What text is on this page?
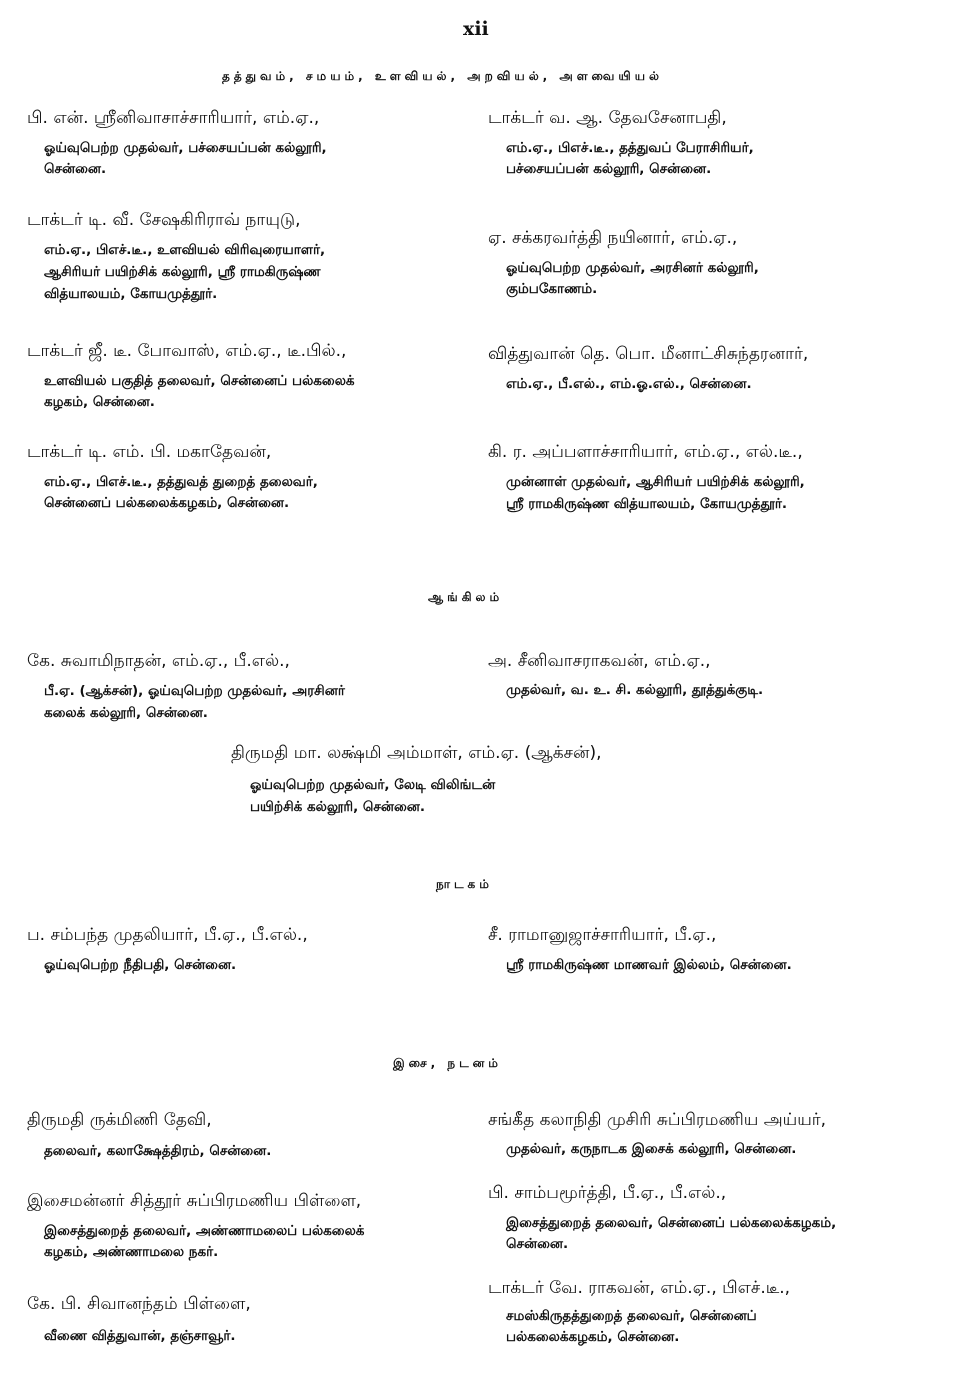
xii
தத்துவம், சமயம், உளவியல், அறவியல், அளவையியல்
பி. என். ஸ்ரீனிவாசாச்சாரியார், எம்.ஏ.,
ஓய்வுபெற்ற முதல்வர், பச்சையப்பன் கல்லூரி,
சென்னை.
டாக்டர் டி. வீ. சேஷகிரிராவ் நாயுடு,
எம்.ஏ., பிஎச்.டீ., உளவியல் விரிவுரையாளர்,
ஆசிரியர் பயிற்சிக் கல்லூரி, ஸ்ரீ ராமகிருஷ்ண
வித்யாலயம், கோயமுத்தூர்.
டாக்டர் ஜீ. டீ. போவாஸ், எம்.ஏ., டீ.பில்.,
உளவியல் பகுதித் தலைவர், சென்னைப் பல்கலைக்
கழகம், சென்னை.
டாக்டர் டி. எம். பி. மகாதேவன்,
எம்.ஏ., பிஎச்.டீ., தத்துவத் துறைத் தலைவர்,
சென்னைப் பல்கலைக்கழகம், சென்னை.
டாக்டர் வ. ஆ. தேவசேனாபதி,
எம்.ஏ., பிஎச்.டீ., தத்துவப் பேராசிரியர்,
பச்சையப்பன் கல்லூரி, சென்னை.
ஏ. சக்கரவர்த்தி நயினார், எம்.ஏ.,
ஓய்வுபெற்ற முதல்வர், அரசினர் கல்லூரி,
கும்பகோணம்.
வித்துவான் தெ. பொ. மீனாட்சிசுந்தரனார்,
எம்.ஏ., பீ.எல்., எம்.ஓ.எல்., சென்னை.
கி. ர. அப்பளாச்சாரியார், எம்.ஏ., எல்.டீ.,
முன்னாள் முதல்வர், ஆசிரியர் பயிற்சிக் கல்லூரி,
ஸ்ரீ ராமகிருஷ்ண வித்யாலயம், கோயமுத்தூர்.
ஆங்கிலம்
கே. சுவாமிநாதன், எம்.ஏ., பீ.எல்.,
பீ.ஏ. (ஆக்சன்), ஓய்வுபெற்ற முதல்வர், அரசினர்
கலைக் கல்லூரி, சென்னை.
அ. சீனிவாசராகவன், எம்.ஏ.,
முதல்வர், வ. உ. சி. கல்லூரி, தூத்துக்குடி.
திருமதி மா. லக்ஷ்மி அம்மாள், எம்.ஏ. (ஆக்சன்),
ஓய்வுபெற்ற முதல்வர், லேடி விலிங்டன்
பயிற்சிக் கல்லூரி, சென்னை.
நாடகம்
ப. சம்பந்த முதலியார், பீ.ஏ., பீ.எல்.,
ஓய்வுபெற்ற நீதிபதி, சென்னை.
சீ. ராமானுஜாச்சாரியார், பீ.ஏ.,
ஸ்ரீ ராமகிருஷ்ண மாணவர் இல்லம், சென்னை.
இசை, நடனம்
திருமதி ருக்மிணி தேவி,
தலைவர், கலாக்ஷேத்திரம், சென்னை.
இசைமன்னர் சித்தூர் சுப்பிரமணிய பிள்ளை,
இசைத்துறைத் தலைவர், அண்ணாமலைப் பல்கலைக்
கழகம், அண்ணாமலை நகர்.
கே. பி. சிவானந்தம் பிள்ளை,
வீணை வித்துவான், தஞ்சாவூர்.
சங்கீத கலாநிதி முசிரி சுப்பிரமணிய அய்யர்,
முதல்வர், கருநாடக இசைக் கல்லூரி, சென்னை.
பி. சாம்பமூர்த்தி, பீ.ஏ., பீ.எல்.,
இசைத்துறைத் தலைவர், சென்னைப் பல்கலைக்கழகம்,
சென்னை.
டாக்டர் வே. ராகவன், எம்.ஏ., பிஎச்.டீ.,
சமஸ்கிருதத்துறைத் தலைவர், சென்னைப்
பல்கலைக்கழகம், சென்னை.
